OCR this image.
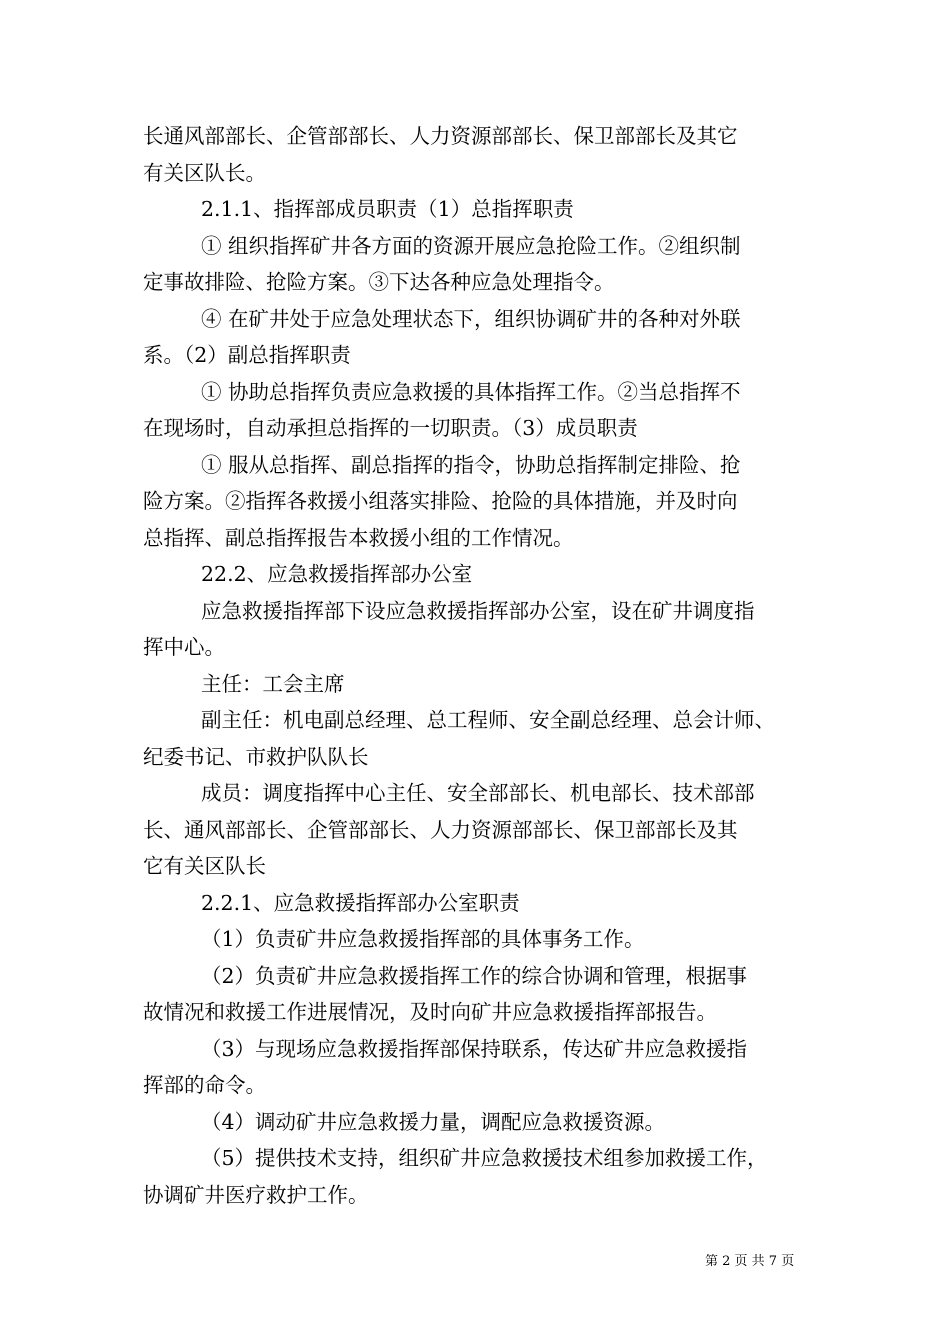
长通风部部长、企管部部长、人力资源部部长、保卫部部长及其它
有关区队长。

2.1.1、指挥部成员职责（1）总指挥职责

① 组织指挥矿井各方面的资源开展应急抢险工作。②组织制
定事故排险、抢险方案。③下达各种应急处理指令。

④ 在矿井处于应急处理状态下，组织协调矿井的各种对外联
系。（2）副总指挥职责

① 协助总指挥负责应急救援的具体指挥工作。②当总指挥不
在现场时，自动承担总指挥的一切职责。（3）成员职责

① 服从总指挥、副总指挥的指令，协助总指挥制定排险、抢
险方案。②指挥各救援小组落实排险、抢险的具体措施，并及时向
总指挥、副总指挥报告本救援小组的工作情况。

22.2、应急救援指挥部办公室

应急救援指挥部下设应急救援指挥部办公室，设在矿井调度指
挥中心。

主任：工会主席

副主任：机电副总经理、总工程师、安全副总经理、总会计师、
纪委书记、市救护队队长

成员：调度指挥中心主任、安全部部长、机电部长、技术部部
长、通风部部长、企管部部长、人力资源部部长、保卫部部长及其
它有关区队长

2.2.1、应急救援指挥部办公室职责

（1）负责矿井应急救援指挥部的具体事务工作。

（2）负责矿井应急救援指挥工作的综合协调和管理，根据事
故情况和救援工作进展情况，及时向矿井应急救援指挥部报告。

（3）与现场应急救援指挥部保持联系，传达矿井应急救援指
挥部的命令。

（4）调动矿井应急救援力量，调配应急救援资源。

（5）提供技术支持，组织矿井应急救援技术组参加救援工作，
协调矿井医疗救护工作。

第 2 页 共 7 页
